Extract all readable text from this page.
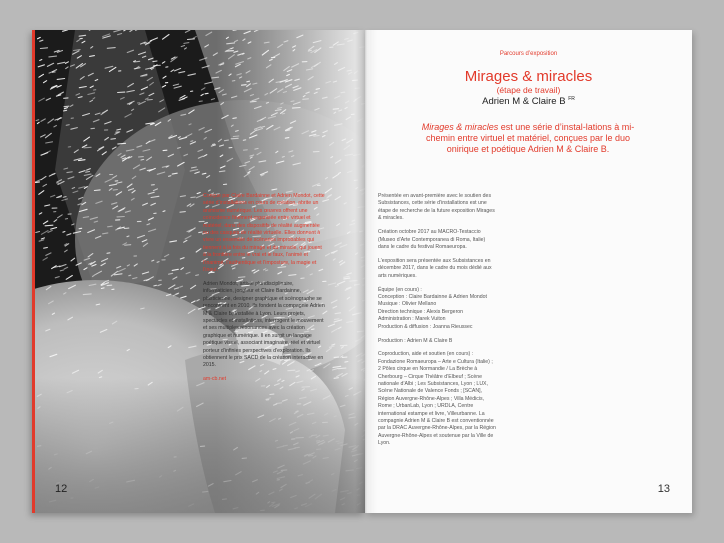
12
Parcours d’exposition
Mirages & miracles
(étape de travail)
Adrien M & Claire B $^{FR}$
Mirages & miracles est une série d’instal-lations à mi-chemin entre virtuel et matériel, conçues par le duo onirique et poétique Adrien M & Claire B.

Conçue par Claire Bardainne et Adrien Mondot, cette série d’installations en cours de création, abrite un animisme numérique. Les œuvres offrent une coïncidence finement organisée entre virtuel et matériel, dans des dispositifs de réalité augmentée ou des casques de réalité virtuelle. Elles donnent à vivre un ensemble de scénarios improbables qui tiennent à la fois du mirage et du miracle, qui jouent à la frontière entre le vrai et le faux, l’animé et l’inanimé, l’authentique et l’imposture, la magie et l’inouï.

Adrien Mondot, artiste pluridisciplinaire, informaticien, jongleur et Claire Bardainne, plasticienne, designer graphique et scénographe se rencontrent en 2010. Ils fondent la compagnie Adrien M & Claire B, installée à Lyon. Leurs projets, spectacles et installations, interrogent le mouvement et ses multiples résonances avec la création graphique et numérique. Il en surgit un langage poétique visuel, associant imaginaire, réel et virtuel porteur d’infinies perspectives d’exploration. Ils obtiennent le prix SACD de la création interactive en 2015.

am-cb.net

Présentée en avant-première avec le soutien des Subsistances, cette série d’installations est une étape de recherche de la future exposition Mirages & miracles.

Création octobre 2017 au MACRO-Testaccio (Museo d’Arte Contemporanea di Roma, Italie) dans le cadre du festival Romaeuropa.

L’exposition sera présentée aux Subsistances en décembre 2017, dans le cadre du mois dédié aux arts numériques.

Équipe (en cours) :
Conception : Claire Bardainne & Adrien Mondot
Musique : Olivier Mellano
Direction technique : Alexis Bergeron
Administration : Marek Vuiton
Production & diffusion : Joanna Rieussec

Production : Adrien M & Claire B

Coproduction, aide et soutien (en cours) : Fondazione Romaeuropa – Arte e Cultura (Italie) ; 2 Pôles cirque en Normandie / La Brèche à Cherbourg – Cirque Théâtre d’Elbeuf ; Scène nationale d’Albi ; Les Subsistances, Lyon ; LUX, Scène Nationale de Valence Fonds ; [SCAN], Région Auvergne-Rhône-Alpes ; Villa Médicis, Rome ; UrbanLab, Lyon ; URDLA, Centre international estampe et livre, Villeurbanne. La compagnie Adrien M & Claire B est conventionnée par la DRAC Auvergne-Rhône-Alpes, par la Région Auvergne-Rhône-Alpes et soutenue par la Ville de Lyon.

13
